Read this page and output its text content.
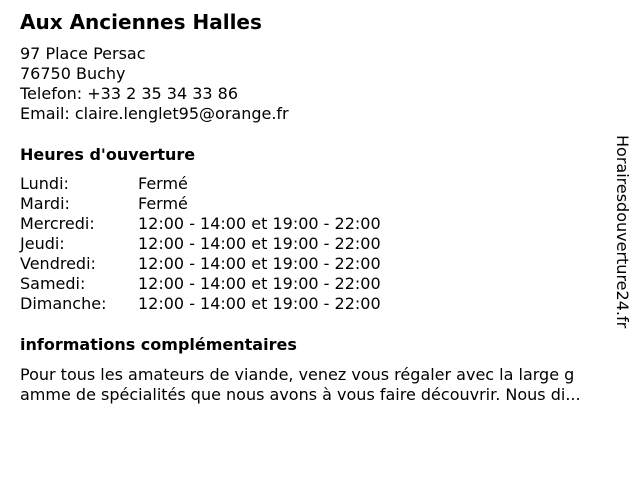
Aux Anciennes Halles
97 Place Persac
76750 Buchy
Telefon: +33 2 35 34 33 86
Email: claire.lenglet95@orange.fr
Heures d'ouverture
Lundi:	Fermé
Mardi:	Fermé
Mercredi:	12:00 - 14:00 et 19:00 - 22:00
Jeudi:	12:00 - 14:00 et 19:00 - 22:00
Vendredi:	12:00 - 14:00 et 19:00 - 22:00
Samedi:	12:00 - 14:00 et 19:00 - 22:00
Dimanche: 12:00 - 14:00 et 19:00 - 22:00
informations complémentaires
Pour tous les amateurs de viande, venez vous régaler avec la large g
amme de spécialités que nous avons à vous faire découvrir. Nous di...
Horairesdouverture24.fr
